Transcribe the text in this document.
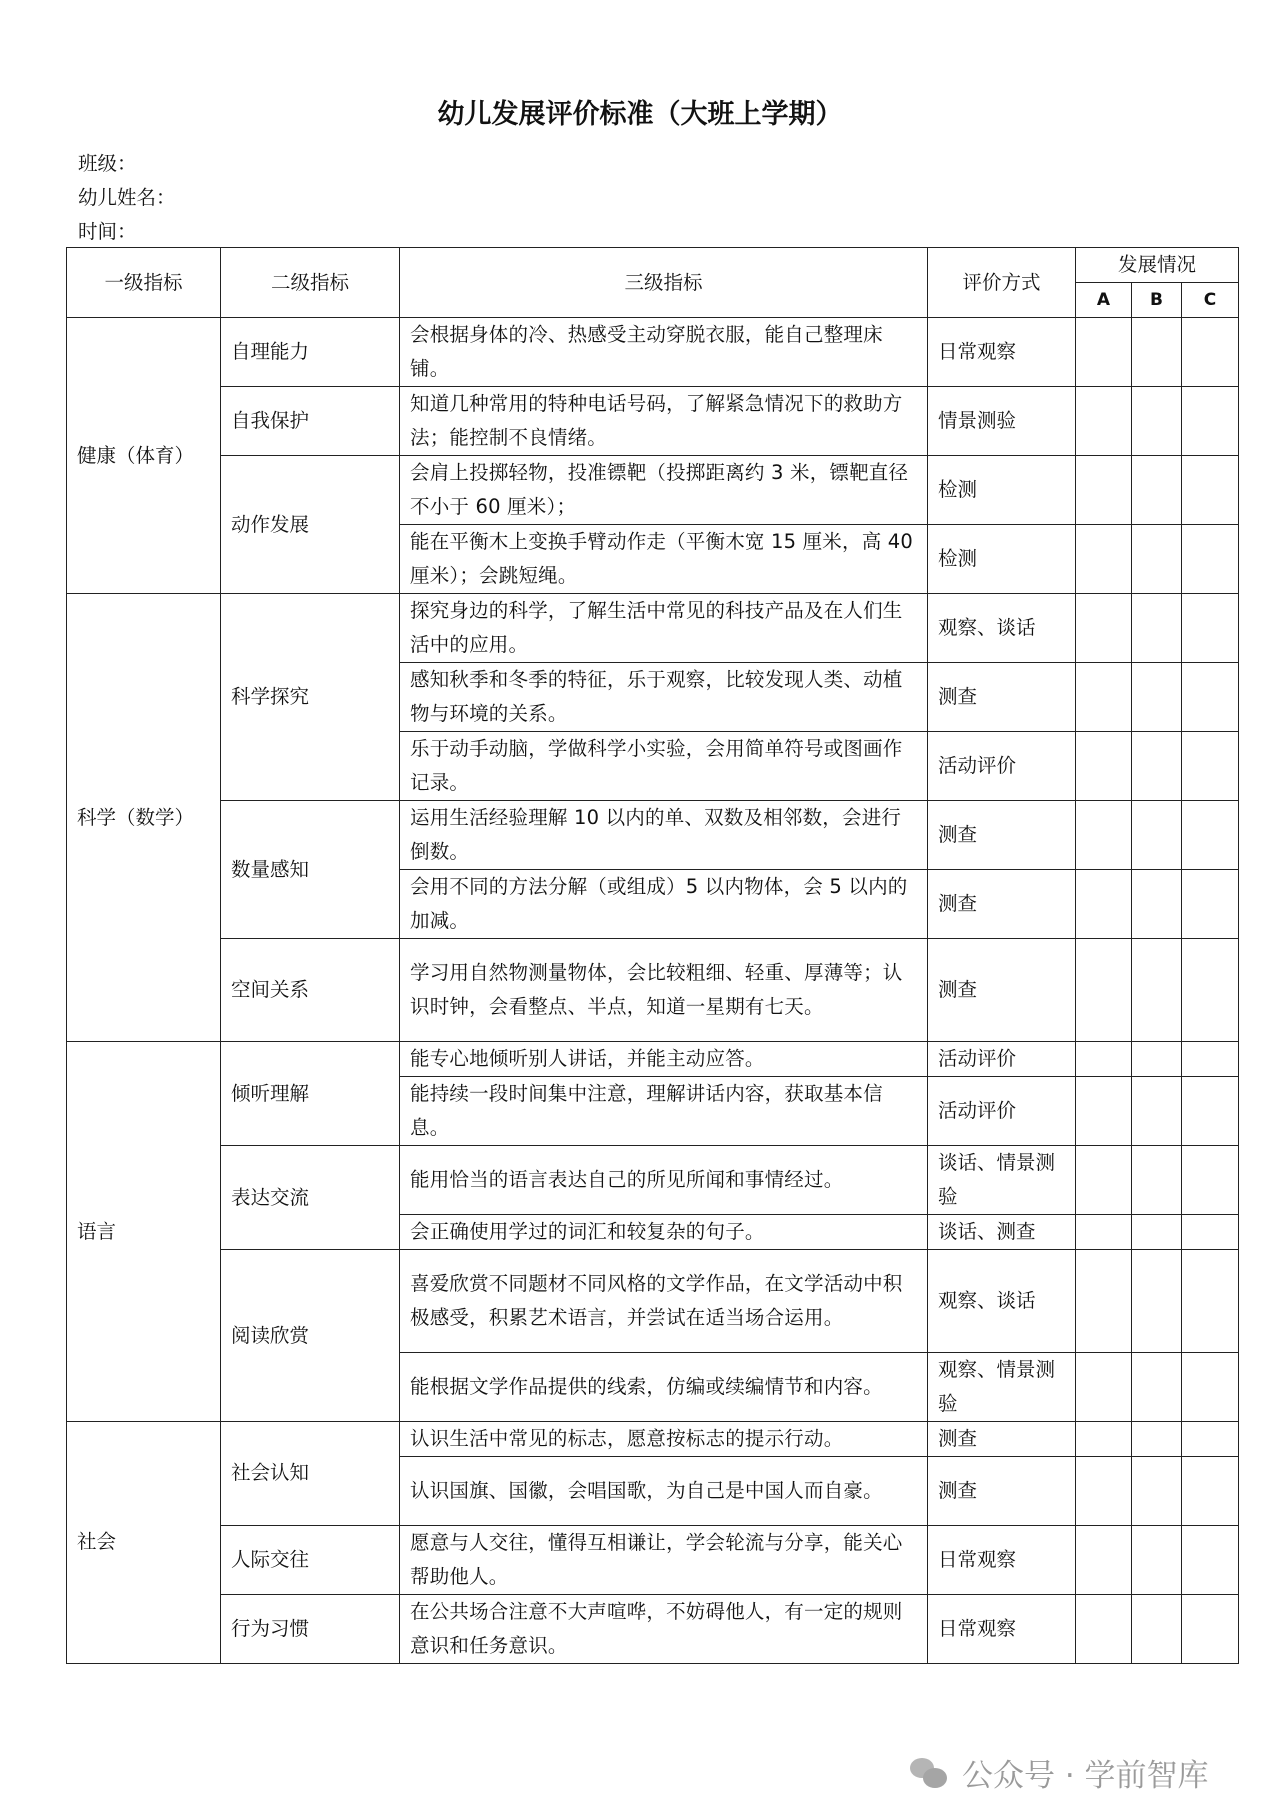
幼儿发展评价标准（大班上学期）
班级：
幼儿姓名：
时间：
一级指标	二级指标	三级指标	评价方式	发展情况		
				A	B	C
健康（体育）	自理能力	会根据身体的冷、热感受主动穿脱衣服，能自己整理床铺。	日常观察			
	自我保护	知道几种常用的特种电话号码，了解紧急情况下的救助方法；能控制不良情绪。	情景测验			
	动作发展	会肩上投掷轻物，投准镖靶（投掷距离约 3 米，镖靶直径不小于 60 厘米）；	检测			
		能在平衡木上变换手臂动作走（平衡木宽 15 厘米，高 40 厘米）；会跳短绳。	检测			
科学（数学）	科学探究	探究身边的科学，了解生活中常见的科技产品及在人们生活中的应用。	观察、谈话			
		感知秋季和冬季的特征，乐于观察，比较发现人类、动植物与环境的关系。	测查			
		乐于动手动脑，学做科学小实验，会用简单符号或图画作记录。	活动评价			
	数量感知	运用生活经验理解 10 以内的单、双数及相邻数，会进行倒数。	测查			
		会用不同的方法分解（或组成）5 以内物体，会 5 以内的加减。	测查			
	空间关系	学习用自然物测量物体，会比较粗细、轻重、厚薄等；认识时钟，会看整点、半点，知道一星期有七天。	测查			
语言	倾听理解	能专心地倾听别人讲话，并能主动应答。	活动评价			
		能持续一段时间集中注意，理解讲话内容，获取基本信息。	活动评价			
	表达交流	能用恰当的语言表达自己的所见所闻和事情经过。	谈话、情景测验			
		会正确使用学过的词汇和较复杂的句子。	谈话、测查			
	阅读欣赏	喜爱欣赏不同题材不同风格的文学作品，在文学活动中积极感受，积累艺术语言，并尝试在适当场合运用。	观察、谈话			
		能根据文学作品提供的线索，仿编或续编情节和内容。	观察、情景测验			
社会	社会认知	认识生活中常见的标志，愿意按标志的提示行动。	测查			
		认识国旗、国徽，会唱国歌，为自己是中国人而自豪。	测查			
	人际交往	愿意与人交往，懂得互相谦让，学会轮流与分享，能关心帮助他人。	日常观察			
	行为习惯	在公共场合注意不大声喧哗，不妨碍他人，有一定的规则意识和任务意识。	日常观察			
公众号 · 学前智库
